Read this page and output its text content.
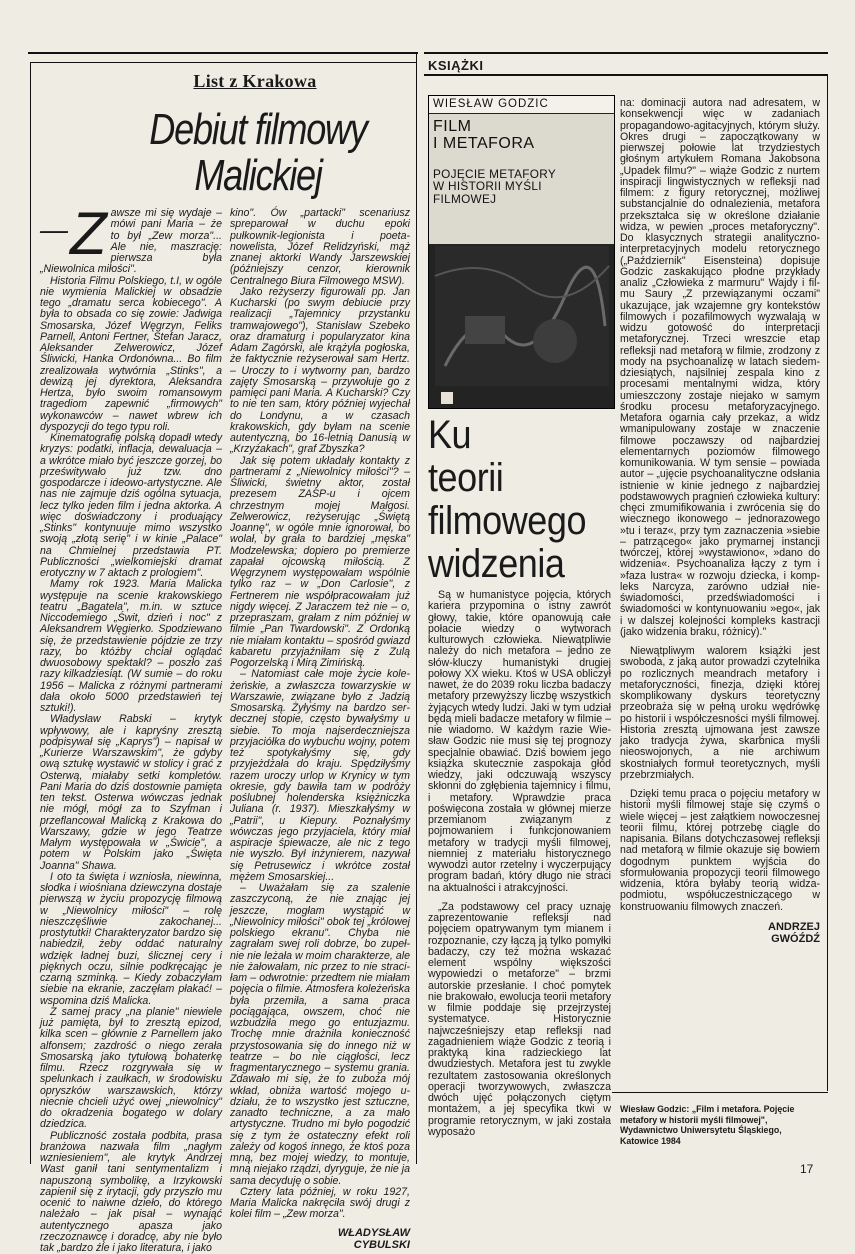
List z Krakowa
Debiut filmowy
Malickiej

— Z awsze mi się wydaje – mówi pani Maria – że to był „Zew morza"... Ale nie, maszrację: pierwsza była „Niewolnica miłości".

Historia Filmu Polskiego, t.I, w ogóle nie wymienia Malickiej w obsadzie tego „dramatu serca kobiecego". A była to obsada co się zowie: Jadwiga Smosarska, Józef Węgrzyn, Feliks Parnell, Antoni Fertner, Stefan Jaracz, Aleksander Zelwerowicz, Józef Śliwicki, Hanka Ordonówna... Bo film zrealizowała wytwórnia „Stinks", a dewizą jej dyrektora, Aleksandra Hertza, było swoim romansowym tragediom zapewnić „firmowych" wykonawców – nawet wbrew ich dyspozycji do tego typu roli.

Kinematografię polską dopadł wtedy kryzys: podatki, inflacja, dewaluacja – a wkrótce miało być jeszcze gorzej, bo prześwitywało już tzw. dno gospodarcze i ideowo-artystyczne. Ale nas nie zajmuje dziś ogólna sytuacja, lecz tylko jeden film i jedna aktorka. A więc doświadczony i produający „Stinks" kontynuuje mimo wszystko swoją „złotą serię" i w kinie „Palace" na Chmielnej przedstawia PT. Publiczności „wielkomiejski dramat erotyczny w 7 aktach z prologiem".

Mamy rok 1923. Maria Malicka występuje na scenie krakowskiego teatru „Bagatela", m.in. w sztuce Niccodemiego „Świt, dzień i noc" z Aleksandrem Węgierko. Spodziewano się, że przedstawienie pójdzie ze trzy razy, bo któżby chciał oglądać dwuosobowy spektakl? – poszło zaś razy kilkadziesiąt. (W sumie – do roku 1956 – Malicka z różnymi partnerami dała około 5000 przedstawień tej sztuki!).

Władysław Rabski – krytyk wpływowy, ale i kapryśny zresztą podpisywał się „Kaprys") – napisał w „Kurierze Warszawskim", że gdyby ową sztukę wystawić w stolicy i grać z Osterwą, miałaby setki kompletów. Pani Maria do dziś dostownie pamięta ten tekst. Osterwa wówczas jednak nie mógł, mógł za to Szyfman i przeflancował Malicką z Krakowa do Warszawy, gdzie w jego Teatrze Małym występowała w „Świcie", a potem w Polskim jako „Święta Joanna" Shawa.

I oto ta święta i wzniosła, niewinna, słodka i wiośniana dziewczyna dostaje pierwszą w życiu propozycję filmową w „Niewolnicy miłości" – rolę nieszczęśliwie zakochanej... prostytutki! Charakteryzator bardzo się nabiedził, żeby oddać naturalny wdzięk ładnej buzi, ślicznej cery i pięknych oczu, silnie podkręcając je czarną szminką. – Kiedy zobaczyłam siebie na ekranie, zaczęłam płakać! – wspomina dziś Malicka.

Z samej pracy „na planie" niewiele już pamięta, był to zresztą epizod, kilka scen – głównie z Parnellem jako alfonsem; zazdrość o niego zerała Smosarską jako tytułową bohaterkę filmu. Rzecz rozgrywała się w spelunkach i zaułkach, w środowisku opryszków warszawskich, którzy niecnie chcieli użyć owej „niewolnicy" do okradzenia bogatego w dolary dziedzica.

Publiczność została podbita, prasa branżowa nazwała film „nagłym wzniesieniem", ale krytyk Andrzej Wast ganił tani sentymentalizm i napuszoną symbolikę, a Irzykowski zapienił się z irytacji, gdy przyszło mu ocenić to naiwne dzieło, do którego należało – jak pisał – wynająć autentycznego apaszа jako rzeczoznawcę i doradcę, aby nie było tak „bardzo źle i jako literatura, i jako

kino". Ów „partacki" scenariusz spreparował w duchu epoki pułkownik-legionista i poeta-nowelista, Józef Relidzyński, mąż znanej aktorki Wandy Jarszewskiej (późniejszy cenzor, kierownik Centralnego Biura Filmowego MSW).

Jako reżyserzy figurowali pp. Jan Kucharski (po swym debiucie przy realizacji „Tajemnicy przystanku tramwajowego"), Stanisław Szebeko oraz dramaturg i popularyzator kina Adam Zagórski, ale krążyła pogłoska, że faktycznie reżyserował sam Hertz. – Uroczy to i wytworny pan, bardzo zajęty Smosarską – przywołuje go z pamięci pani Maria. A Kucharski? Czy to nie ten sam, który później wyjechał do Londynu, a w czasach krakowskich, gdy byłam na scenie autentyczną, bo 16-letnią Danusią w „Krzyżakach", graf Zbyszka?

Jak się potem układały kontakty z partnerami z „Niewolnicy miłości"? – Śliwicki, świetny aktor, został prezesem ZASP-u i ojcem chrzestnym mojej Małgosi. Zelwerowicz, reżyserując „Świętą Joannę", w ogóle mnie ignorował, bo wolał, by grała to bardziej „męska" Modzelewska; dopiero po premierze zapałał ojcowską miłością. Z Węgrzynem występowałam wspólnie tylko raz – w „Don Carlosie", z Fertnerem nie współpracowałam już nigdy więcej. Z Jaraczem też nie – o, przepraszam, grałam z nim później w filmie „Pan Twardowski". Z Ordonką nie miałam kontaktu – spośród gwiazd kabaretu przyjaźniłam się z Zulą Pogorzelską i Mirą Zimińską.

– Natomiast całe moje życie koleżeńskie, a zwłaszcza towarzyskie w Warszawie, związane było z Jadzią Smosarską. Żyłyśmy na bardzo serdecznej stopie, często bywałyśmy u siebie. To moja najserdeczniejsza przyjaciółka do wybuchu wojny, potem też spotykałyśmy się, gdy przyjeżdżała do kraju. Spędziłyśmy razem uroczy urlop w Krynicy w tym okresie, gdy bawiła tam w podróży poślubnej holenderska księżniczka Juliana (r. 1937). Mieszkałyśmy w „Patrii", u Kiepury. Poznałyśmy wówczas jego przyjaciela, który miał aspiracje śpiewacze, ale nic z tego nie wyszło. Był inżynierem, nazywał się Petrusewicz i wkrótce został mężem Smosarskiej...

– Uważałam się za szalenie zaszczyconą, że nie znając jej jeszcze, mogłam wystąpić w „Niewolnicy miłości" obok tej „królowej polskiego ekranu". Chyba nie zagrałam swej roli dobrze, bo zupełnie nie leżała w moim charakterze, ale nie żałowałam, nic przez to nie straciłam – odwrotnie: przedtem nie miałam pojęcia o filmie. Atmosfera koleżeńska była przemiła, a sama praca pociągająca, owszem, choć nie wzbudziła mego go entuzjazmu. Trochę mnie drażniła konieczność przystosowania się do innego niż w teatrze – bo nie ciągłości, lecz fragmentarycznego – systemu grania. Zdawało mi się, że to zuboża mój wkład, obniża wartość mojego udziału, że to wszystko jest sztuczne, zanadto techniczne, a za mało artystyczne. Trudno mi było pogodzić się z tym że ostateczny efekt roli zależy od kogoś innego, że ktoś poza mną, bez mojej wiedzy, to montuje, mną niejako rządzi, dyryguje, że nie ja sama decyduję o sobie.

Cztery lata później, w roku 1927, Maria Malicka nakręciła swój drugi z kolei film – „Zew morza".

WŁADYSŁAW
CYBULSKI
KSIĄŻKI
WIESŁAW GODZIC
FILM
I METAFORA
POJĘCIE METAFORY
W HISTORII MYŚLI
FILMOWEJ
Ku
teorii
filmowego
widzenia

Są w humanistyce pojęcia, których kariera przypomina o istny zawrót głowy, takie, które opanowują całe połacie wiedzy o wytworach kulturowych człowieka. Niewątpliwie należy do nich metafora – jedno ze słów-kluczy humanistyki drugiej połowy XX wieku. Ktoś w USA obliczył nawet, że do 2039 roku liczba badaczy metafory przewyższy liczbę wszystkich żyjących wtedy ludzi. Jaki w tym udział będą mieli badacze metafory w filmie – nie wiadomo. W każdym razie Wiesław Godzic nie musi się tej prognozy specjalnie obawiać. Dziś bowiem jego książka skutecznie zaspokaja głód wiedzy, jaki odczuwają wszyscy skłonni do zgłębienia tajemnicy i filmu, i metafory. Wprawdzie praca poświęcona została w głównej mierze przemianom związanym z pojmowaniem i funkcjonowaniem metafory w tradycji myśli filmowej, niemniej z materiału historycznego wywodzi autor rzetelny i wyczerpujący program badań, który długo nie straci na aktualności i atrakcyjności.

„Za podstawowy cel pracy uznaję zaprezentowanie refleksji nad pojęciem opatrywanym tym mianem i rozpoznanie, czy łączą ją tylko pomyłki badaczy, czy też można wskazać element wspólny większości wypowiedzi o metaforze" – brzmi autorskie przesłanie. I choć pomytek nie brakowało, ewolucja teorii metafory w filmie poddaje się przejrzystej systematyce. Historycznie najwcześniejszy etap refleksji nad zagadnieniem wiąże Godzic z teorią i praktyką kina radzieckiego lat dwudziestych. Metafora jest tu zwykle rezultatem zastosowania określonych operacji tworzywowych, zwłaszcza dwóch ujęć połączonych ciętym montażem, a jej specyfika tkwi w programie retorycznym, w jaki została wyposażo

na: dominacji autora nad adresatem, w konsekwencji więc w zadaniach propagandowo-agitacyjnych, którym służy. Okres drugi – zapoczątkowany w pierwszej połowie lat trzydziestych głośnym artykułem Romana Jakobsona „Upadek filmu?" – wiąże Godzic z nurtem inspiracji lingwistycznych w refleksji nad filmem: z figury retorycznej, możliwej substancjalnie do odnalezienia, metafora przekształca się w określone działanie widza, w pewien „proces metaforyczny". Do klasycznych strategii analityczno-interpretacyjnych modelu retorycznego („Październik" Eisensteina) dopisuje Godzic zaskakująco płodne przykłady analiz „Człowieka z marmuru" Wajdy i filmu Saury „Z przewiązanymi oczami" ukazujące, jak wzajemne gry kontekstów filmowych i pozafilmowych wyzwalają w widzu gotowość do interpretacji metaforycznej. Trzeci wreszcie etap refleksji nad metaforą w filmie, zrodzony z mody na psychoanalizę w latach siedemdziesiątych, najsilniej zespala kino z procesami mentalnymi widza, który umieszczony zostaje niejako w samym środku procesu metaforyzacyjnego. Metafora ogarnia cały przekaz, a widz wmanipulowany zostaje w znaczenie filmowe poczawszy od najbardziej elementarnych poziomów filmowego komunikowania. W tym sensie – powiada autor – „ujęcie psychoanalityczne odsłania istnienie w kinie jednego z najbardziej podstawowych pragnień człowieka kultury: chęci zmumifikowania i zwrócenia się do wiecznego ikonowego – jednorazowego »tu i teraz«, przy tym zaznaczenia »siebie – patrzącego« jako prymarnej instancji twórczej, której »wystawiono«, »dano do widzenia«. Psychoanaliza łączy z tym i »faza lustra« w rozwoju dziecka, i kompleks Narcyza, zarówno udział nieświadomości, przedświadomości i świadomości w kontynuowaniu »ego«, jak i w dalszej kolejności kompleks kastracji (jako widzenia braku, różnicy)."

Niewątpliwym walorem książki jest swoboda, z jaką autor prowadzi czytelnika po rozlicznych meandrach metafory i metaforyczności, finezja, dzięki której skomplikowany dyskurs teoretyczny przeobraża się w pełną uroku wędrówkę po historii i współczesności myśli filmowej. Historia zresztą ujmowana jest zawsze jako tradycja żywa, skarbnica myśli nieoswojonych, a nie archiwum skostniałych formuł teoretycznych, myśli przebrzmiałych.

Dzięki temu praca o pojęciu metafory w historii myśli filmowej staje się czymś o wiele więcej – jest załątkiem nowoczesnej teorii filmu, której potrzebę ciągle do napisania. Bilans dotychczasowej refleksji nad metaforą w filmie okazuje się bowiem dogodnym punktem wyjścia do sformułowania propozycji teorii filmowego widzenia, która byłaby teorią widza-podmiotu, współuczestniczącego w konstruowaniu filmowych znaczeń.

ANDRZEJ
GWÓŹDŹ
Wiesław Godzic: „Film i metafora. Pojęcie metafory w historii myśli filmowej", Wydawnictwo Uniwersytetu Śląskiego, Katowice 1984
17
